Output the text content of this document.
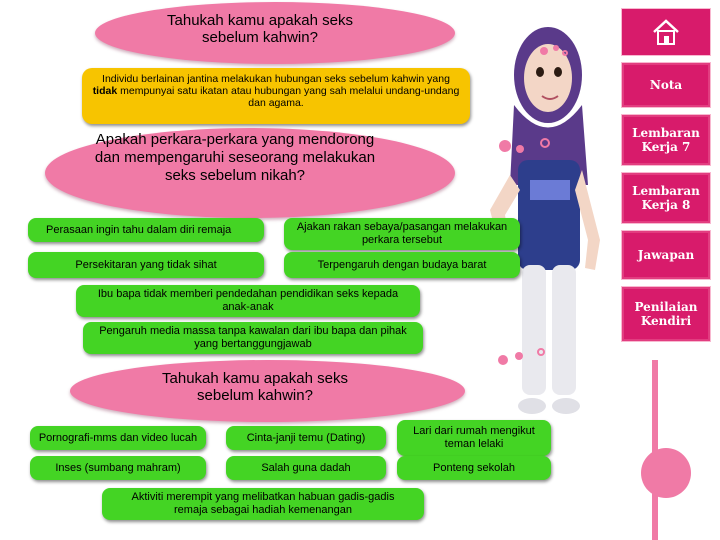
Tahukah kamu apakah seks sebelum kahwin?
Individu berlainan jantina melakukan hubungan seks sebelum kahwin yang tidak mempunyai satu ikatan atau hubungan yang sah melalui undang-undang dan agama.
Apakah perkara-perkara yang mendorong dan mempengaruhi seseorang melakukan seks sebelum nikah?
Perasaan ingin tahu dalam diri remaja	Ajakan rakan sebaya/pasangan melakukan perkara tersebut
Persekitaran yang tidak sihat	Terpengaruh dengan budaya barat
Ibu bapa tidak memberi pendedahan pendidikan seks kepada anak-anak
Pengaruh media massa tanpa kawalan dari ibu bapa dan pihak yang bertanggungjawab
Tahukah kamu apakah seks sebelum kahwin?
Pornografi-mms dan video lucah	Cinta-janji temu (Dating)
Lari dari rumah mengikut teman lelaki
Inses (sumbang mahram)	Salah guna dadah	Ponteng sekolah
Aktiviti merempit yang melibatkan habuan gadis-gadis remaja sebagai hadiah kemenangan
Nota
Lembaran Kerja 7
Lembaran Kerja 8
Jawapan
Penilaian Kendiri
